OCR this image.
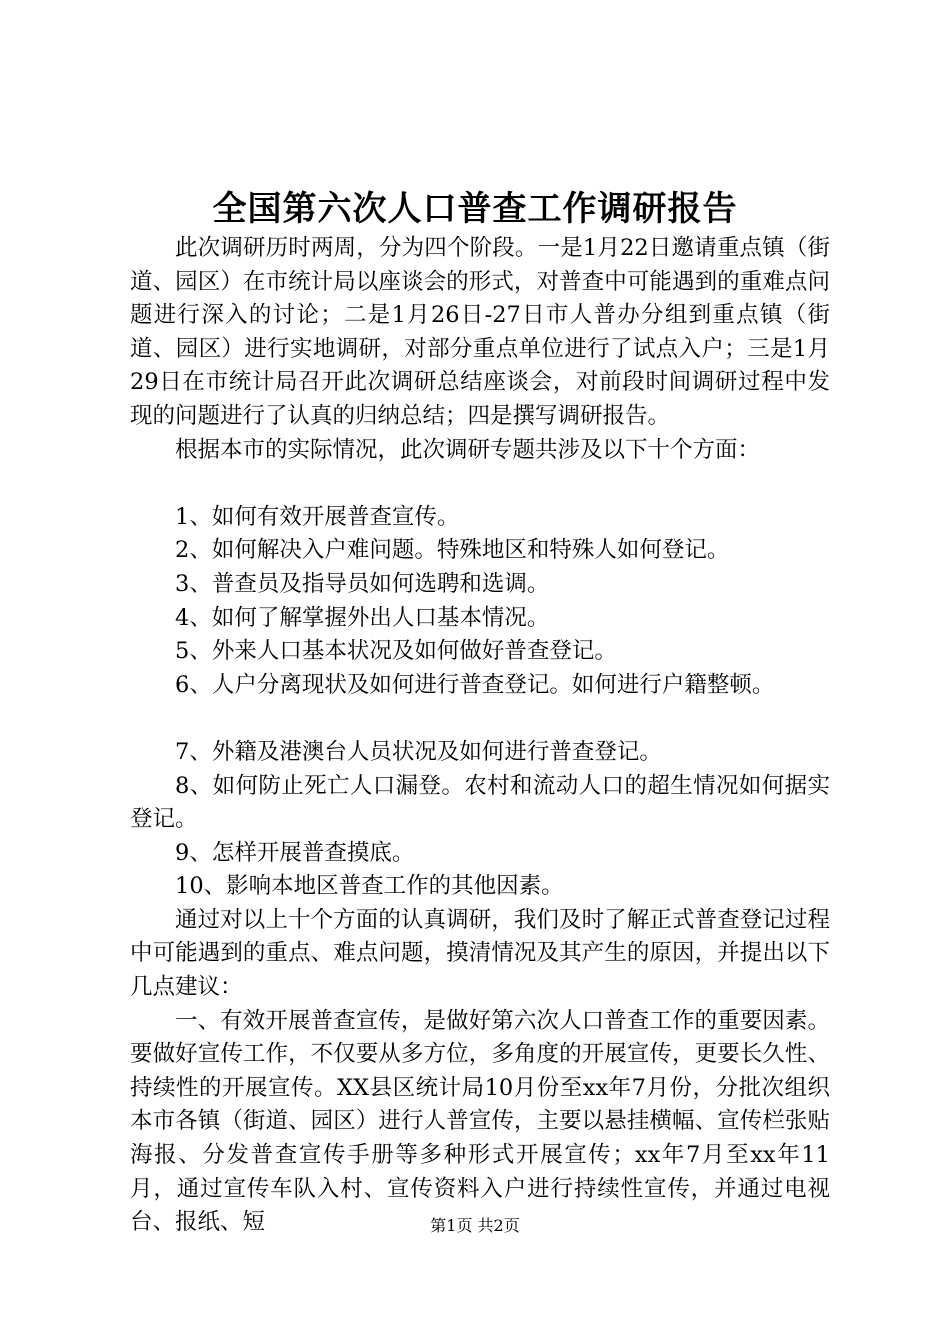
全国第六次人口普查工作调研报告

此次调研历时两周，分为四个阶段。一是1月22日邀请重点镇（街道、园区）在市统计局以座谈会的形式，对普查中可能遇到的重难点问题进行深入的讨论；二是1月26日-27日市人普办分组到重点镇（街道、园区）进行实地调研，对部分重点单位进行了试点入户；三是1月29日在市统计局召开此次调研总结座谈会，对前段时间调研过程中发现的问题进行了认真的归纳总结；四是撰写调研报告。

根据本市的实际情况，此次调研专题共涉及以下十个方面：

1、如何有效开展普查宣传。

2、如何解决入户难问题。特殊地区和特殊人如何登记。

3、普查员及指导员如何选聘和选调。

4、如何了解掌握外出人口基本情况。

5、外来人口基本状况及如何做好普查登记。

6、人户分离现状及如何进行普查登记。如何进行户籍整顿。

7、外籍及港澳台人员状况及如何进行普查登记。

8、如何防止死亡人口漏登。农村和流动人口的超生情况如何据实登记。

9、怎样开展普查摸底。

10、影响本地区普查工作的其他因素。

通过对以上十个方面的认真调研，我们及时了解正式普查登记过程中可能遇到的重点、难点问题，摸清情况及其产生的原因，并提出以下几点建议：

一、有效开展普查宣传，是做好第六次人口普查工作的重要因素。要做好宣传工作，不仅要从多方位，多角度的开展宣传，更要长久性、持续性的开展宣传。XX县区统计局10月份至xx年7月份，分批次组织本市各镇（街道、园区）进行人普宣传，主要以悬挂横幅、宣传栏张贴海报、分发普查宣传手册等多种形式开展宣传；xx年7月至xx年11月，通过宣传车队入村、宣传资料入户进行持续性宣传，并通过电视台、报纸、短	第1页 共2页
